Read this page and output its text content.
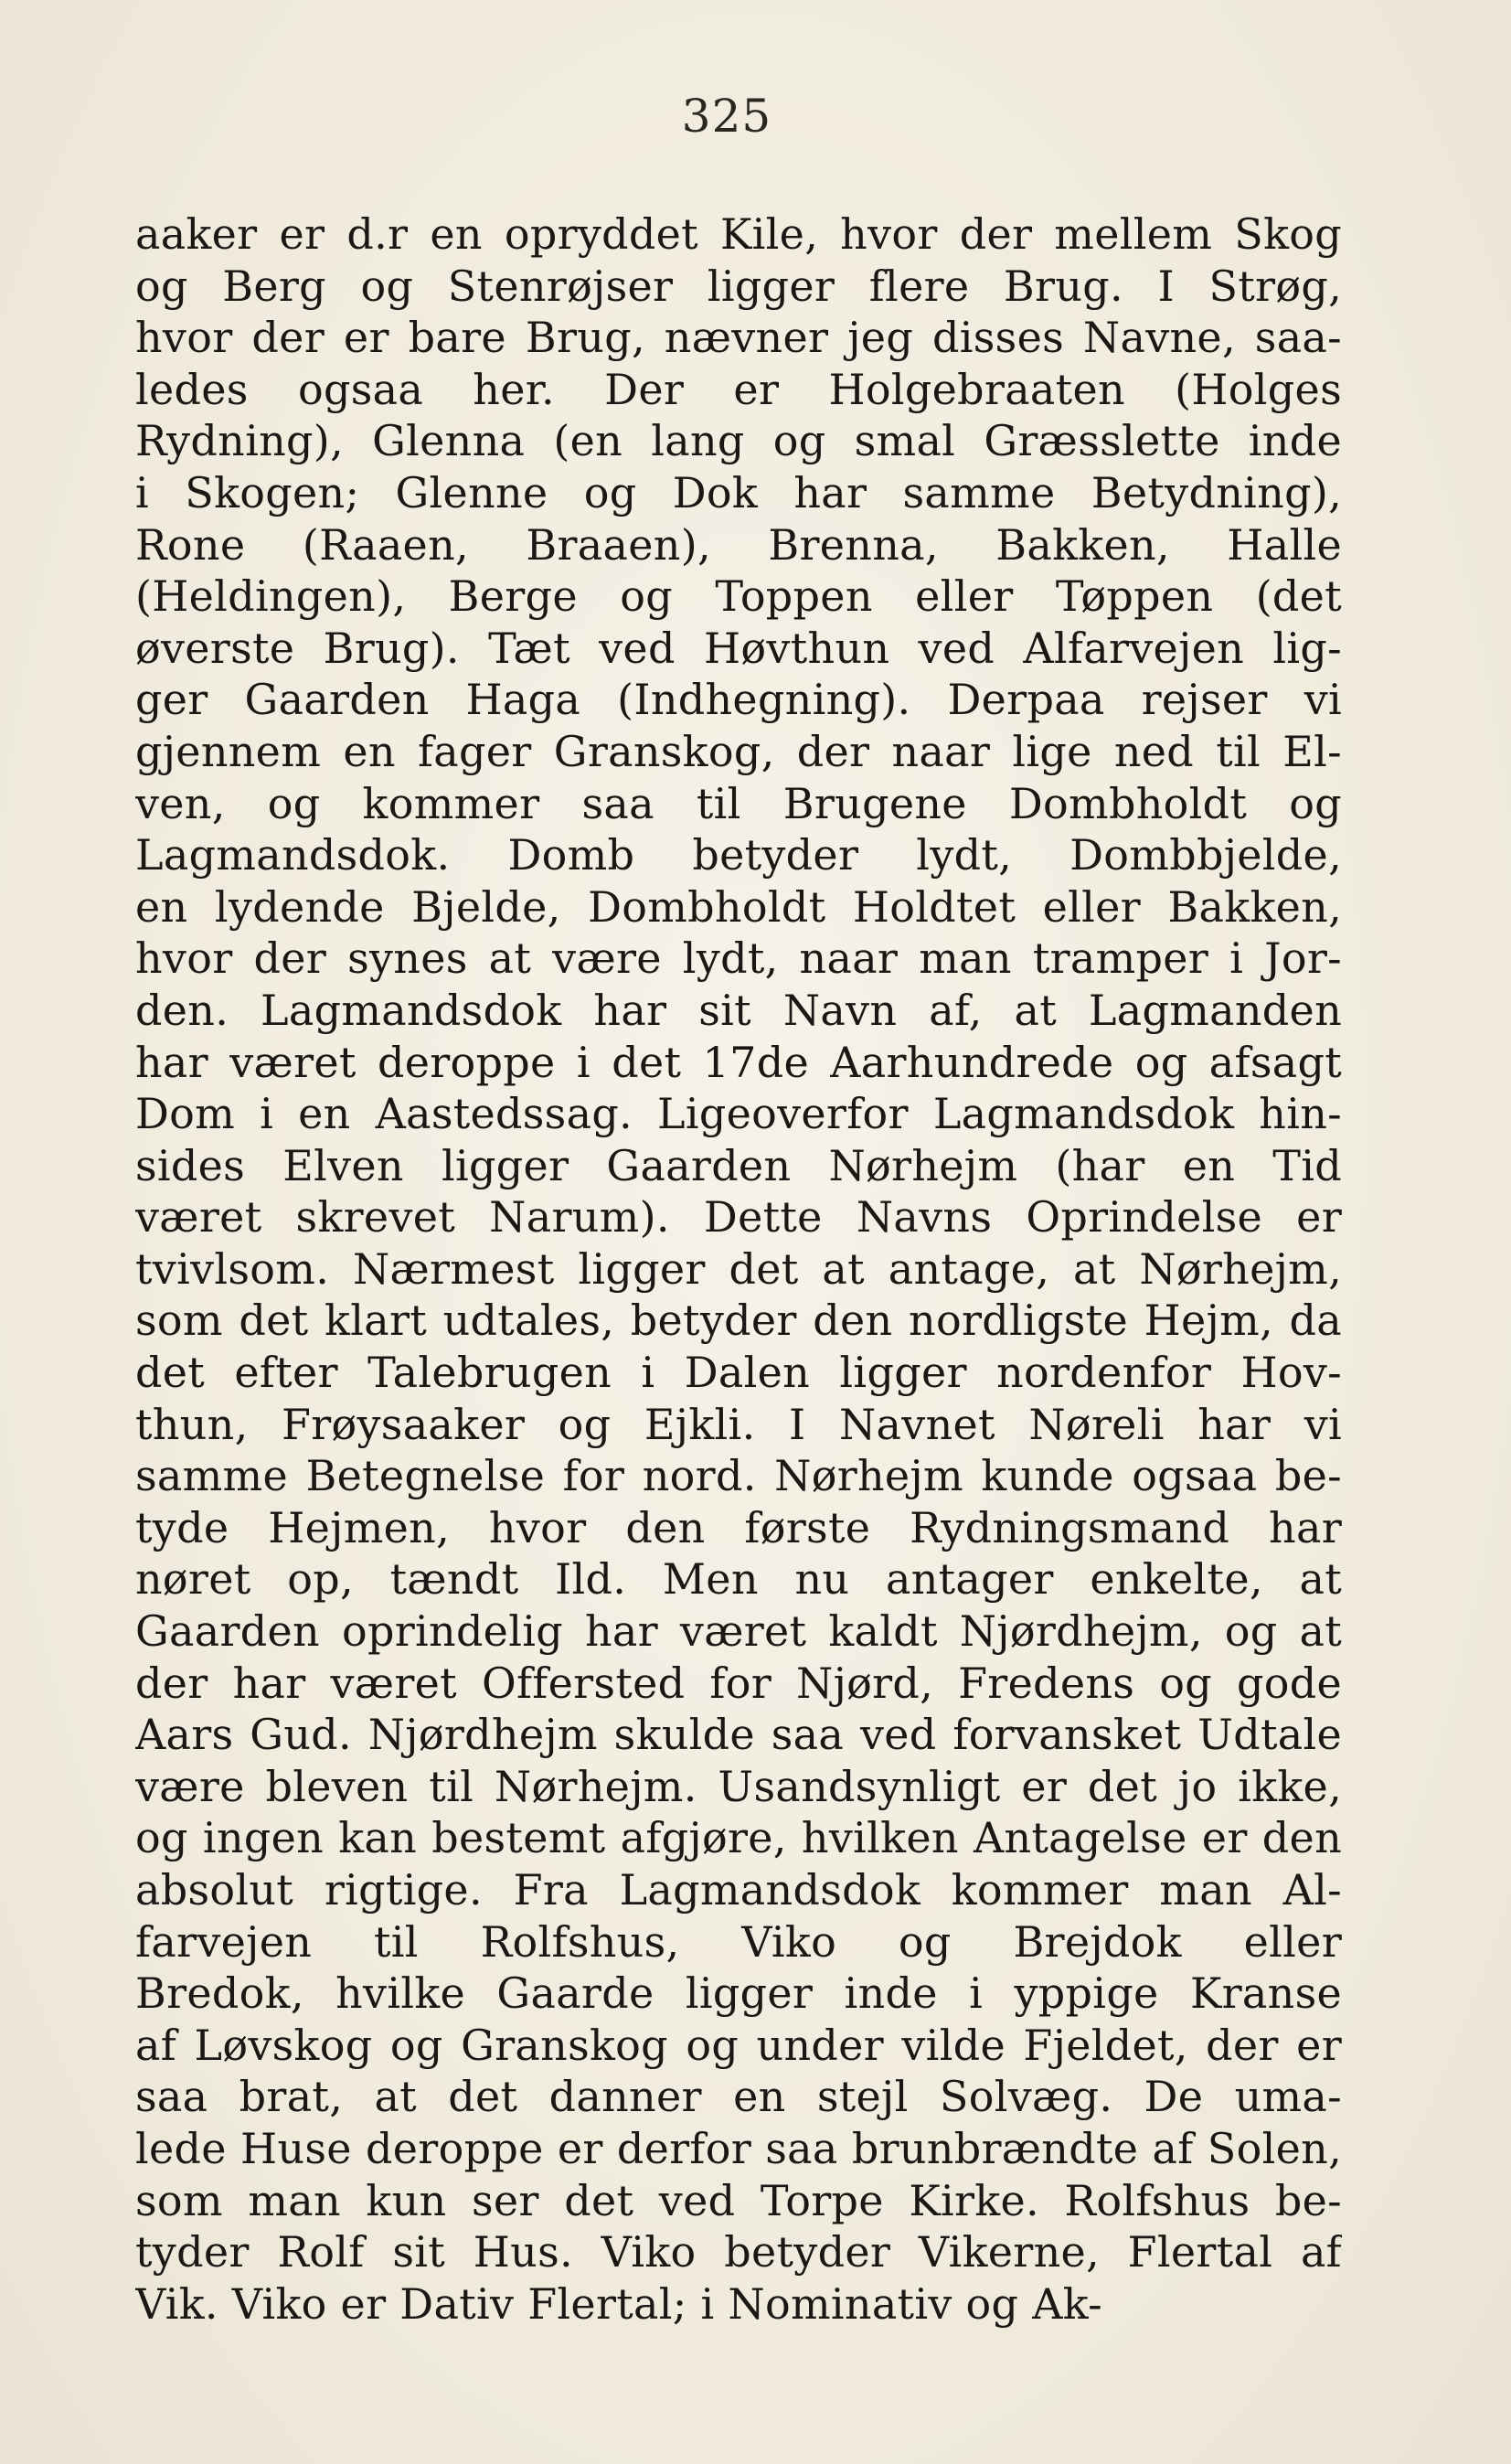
325
aaker er d.r en opryddet Kile, hvor der mellem Skog
og Berg og Stenrøjser ligger flere Brug. I Strøg,
hvor der er bare Brug, nævner jeg disses Navne, saa-
ledes ogsaa her. Der er Holgebraaten (Holges
Rydning), Glenna (en lang og smal Græsslette inde
i Skogen; Glenne og Dok har samme Betydning),
Rone (Raaen, Braaen), Brenna, Bakken, Halle
(Heldingen), Berge og Toppen eller Tøppen (det
øverste Brug). Tæt ved Høvthun ved Alfarvejen lig-
ger Gaarden Haga (Indhegning). Derpaa rejser vi
gjennem en fager Granskog, der naar lige ned til El-
ven, og kommer saa til Brugene Dombholdt og
Lagmandsdok. Domb betyder lydt, Dombbjelde,
en lydende Bjelde, Dombholdt Holdtet eller Bakken,
hvor der synes at være lydt, naar man tramper i Jor-
den. Lagmandsdok har sit Navn af, at Lagmanden
har været deroppe i det 17de Aarhundrede og afsagt
Dom i en Aastedssag. Ligeoverfor Lagmandsdok hin-
sides Elven ligger Gaarden Nørhejm (har en Tid
været skrevet Narum). Dette Navns Oprindelse er
tvivlsom. Nærmest ligger det at antage, at Nørhejm,
som det klart udtales, betyder den nordligste Hejm, da
det efter Talebrugen i Dalen ligger nordenfor Hov-
thun, Frøysaaker og Ejkli. I Navnet Nøreli har vi
samme Betegnelse for nord. Nørhejm kunde ogsaa be-
tyde Hejmen, hvor den første Rydningsmand har
nøret op, tændt Ild. Men nu antager enkelte, at
Gaarden oprindelig har været kaldt Njørdhejm, og at
der har været Offersted for Njørd, Fredens og gode
Aars Gud. Njørdhejm skulde saa ved forvansket Udtale
være bleven til Nørhejm. Usandsynligt er det jo ikke,
og ingen kan bestemt afgjøre, hvilken Antagelse er den
absolut rigtige. Fra Lagmandsdok kommer man Al-
farvejen til Rolfshus, Viko og Brejdok eller
Bredok, hvilke Gaarde ligger inde i yppige Kranse
af Løvskog og Granskog og under vilde Fjeldet, der er
saa brat, at det danner en stejl Solvæg. De uma-
lede Huse deroppe er derfor saa brunbrændte af Solen,
som man kun ser det ved Torpe Kirke. Rolfshus be-
tyder Rolf sit Hus. Viko betyder Vikerne, Flertal af
Vik. Viko er Dativ Flertal; i Nominativ og Ak-
